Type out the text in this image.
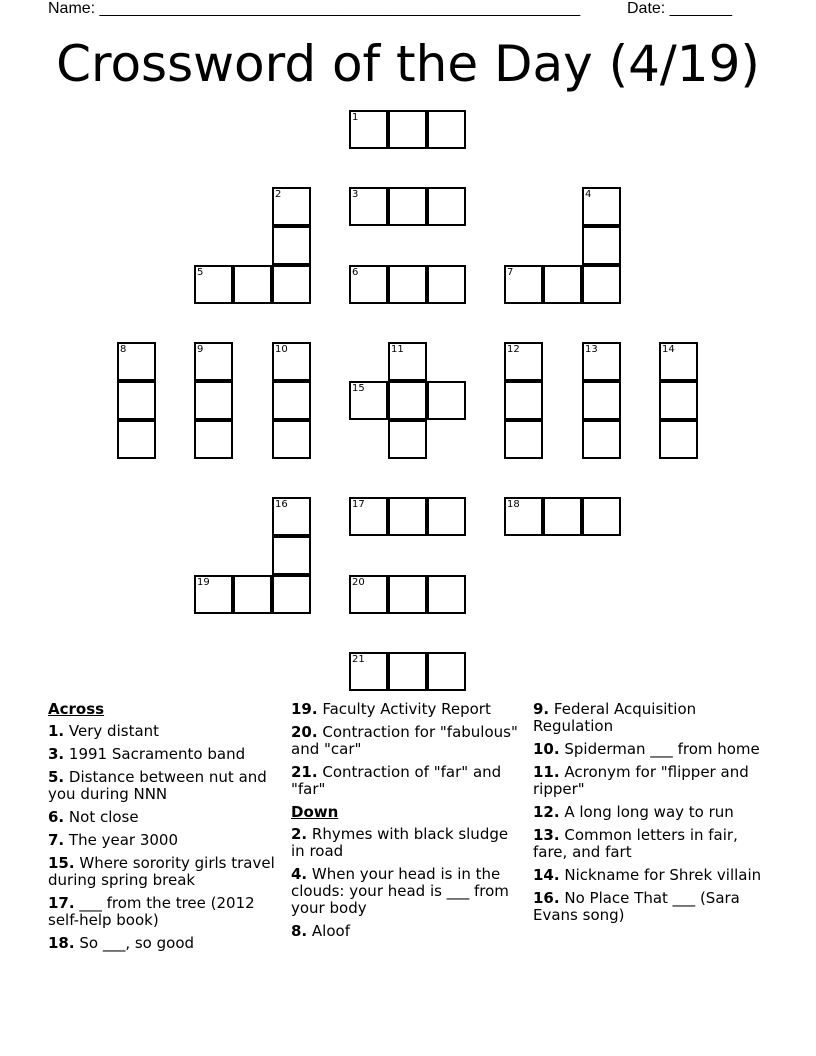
Name: ______________________________________________________	Date: _______
Crossword of the Day (4/19)
1
2	3	4
5	6	7
8	9	10	11
15
12	13	14
16	17	18
19	20
21
Across
1. Very distant
3. 1991 Sacramento band
5. Distance between nut and you during NNN
6. Not close
7. The year 3000
15. Where sorority girls travel during spring break
17. ___ from the tree (2012 self-help book)
18. So ___, so good
19. Faculty Activity Report
20. Contraction for "fabulous" and "car"
21. Contraction of "far" and "far"
Down
2. Rhymes with black sludge in road
4. When your head is in the clouds: your head is ___ from your body
8. Aloof
9. Federal Acquisition Regulation
10. Spiderman ___ from home
11. Acronym for "flipper and ripper"
12. A long long way to run
13. Common letters in fair, fare, and fart
14. Nickname for Shrek villain
16. No Place That ___ (Sara Evans song)
